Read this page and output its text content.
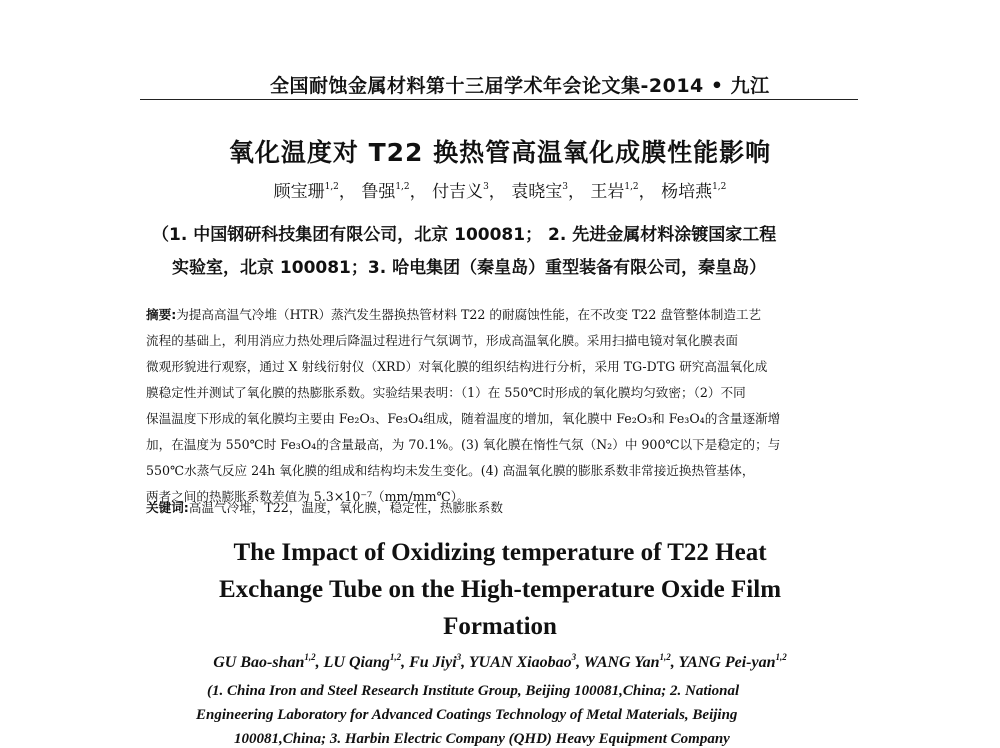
全国耐蚀金属材料第十三届学术年会论文集-2014 • 九江
氧化温度对 T22 换热管高温氧化成膜性能影响
顾宝珊$^{1,2}$， 鲁强$^{1,2}$， 付吉义$^3$， 袁晓宝$^3$， 王岩$^{1,2}$， 杨培燕$^{1,2}$
（1. 中国钢研科技集团有限公司，北京 100081； 2. 先进金属材料涂镀国家工程
实验室，北京 100081；3. 哈电集团（秦皇岛）重型装备有限公司，秦皇岛）
摘要:为提高高温气冷堆（HTR）蒸汽发生器换热管材料 T22 的耐腐蚀性能，在不改变 T22 盘管整体制造工艺
流程的基础上，利用消应力热处理后降温过程进行气氛调节，形成高温氧化膜。采用扫描电镜对氧化膜表面
微观形貌进行观察，通过 X 射线衍射仪（XRD）对氧化膜的组织结构进行分析，采用 TG-DTG 研究高温氧化成
膜稳定性并测试了氧化膜的热膨胀系数。实验结果表明：（1）在 550℃时形成的氧化膜均匀致密；（2）不同
保温温度下形成的氧化膜均主要由 Fe₂O₃、Fe₃O₄组成，随着温度的增加，氧化膜中 Fe₂O₃和 Fe₃O₄的含量逐渐增
加，在温度为 550℃时 Fe₃O₄的含量最高，为 70.1%。(3) 氧化膜在惰性气氛（N₂）中 900℃以下是稳定的；与
550℃水蒸气反应 24h 氧化膜的组成和结构均未发生变化。(4) 高温氧化膜的膨胀系数非常接近换热管基体，
两者之间的热膨胀系数差值为 5.3×10⁻⁷（mm/mm℃）。
关键词:高温气冷堆，T22，温度，氧化膜，稳定性，热膨胀系数
The Impact of Oxidizing temperature of T22 Heat
Exchange Tube on the High-temperature Oxide Film
Formation
GU Bao-shan$^{1,2}$, LU Qiang$^{1,2}$, Fu Jiyi$^3$, YUAN Xiaobao$^3$, WANG Yan$^{1,2}$, YANG Pei-yan$^{1,2}$
(1. China Iron and Steel Research Institute Group, Beijing 100081,China; 2. National
Engineering Laboratory for Advanced Coatings Technology of Metal Materials, Beijing
100081,China; 3. Harbin Electric Company (QHD) Heavy Equipment Company
